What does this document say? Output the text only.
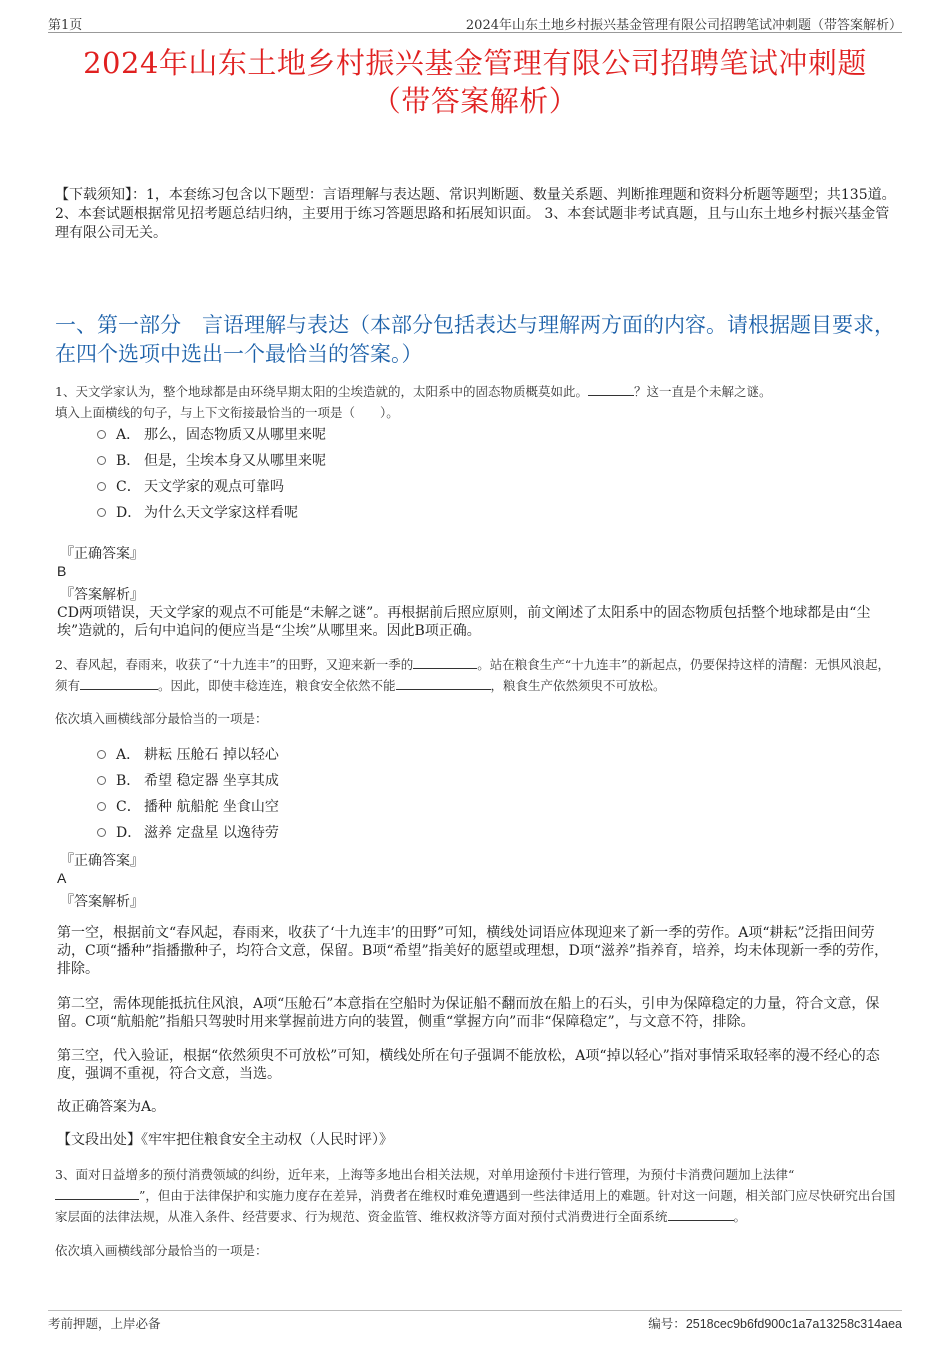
第1页	2024年山东土地乡村振兴基金管理有限公司招聘笔试冲刺题（带答案解析）
2024年山东土地乡村振兴基金管理有限公司招聘笔试冲刺题
（带答案解析）
【下载须知】：1，本套练习包含以下题型：言语理解与表达题、常识判断题、数量关系题、判断推理题和资料分析题等题型；共135道。 2、本套试题根据常见招考题总结归纳，主要用于练习答题思路和拓展知识面。 3、本套试题非考试真题，且与山东土地乡村振兴基金管理有限公司无关。
一、第一部分　言语理解与表达（本部分包括表达与理解两方面的内容。请根据题目要求，在四个选项中选出一个最恰当的答案。）
1、天文学家认为，整个地球都是由环绕早期太阳的尘埃造就的，太阳系中的固态物质概莫如此。	？这一直是个未解之谜。
填入上面横线的句子，与上下文衔接最恰当的一项是（　　）。
A． 那么，固态物质又从哪里来呢
B． 但是，尘埃本身又从哪里来呢
C． 天文学家的观点可靠吗
D． 为什么天文学家这样看呢
『正确答案』
B
『答案解析』
CD两项错误，天文学家的观点不可能是“未解之谜”。再根据前后照应原则，前文阐述了太阳系中的固态物质包括整个地球都是由“尘埃”造就的，后句中追问的便应当是“尘埃”从哪里来。因此B项正确。
2、春风起，春雨来，收获了“十九连丰”的田野，又迎来新一季的	。站在粮食生产“十九连丰”的新起点，仍要保持这样的清醒：无惧风浪起，须有	。因此，即使丰稔连连，粮食安全依然不能	，粮食生产依然须臾不可放松。
依次填入画横线部分最恰当的一项是：
A． 耕耘 压舱石 掉以轻心
B． 希望 稳定器 坐享其成
C． 播种 航船舵 坐食山空
D． 滋养 定盘星 以逸待劳
『正确答案』
A
『答案解析』
第一空，根据前文“春风起，春雨来，收获了‘十九连丰’的田野”可知，横线处词语应体现迎来了新一季的劳作。A项“耕耘”泛指田间劳动，C项“播种”指播撒种子，均符合文意，保留。B项“希望”指美好的愿望或理想，D项“滋养”指养育，培养，均未体现新一季的劳作，排除。
第二空，需体现能抵抗住风浪，A项“压舱石”本意指在空船时为保证船不翻而放在船上的石头，引申为保障稳定的力量，符合文意，保留。C项“航船舵”指船只驾驶时用来掌握前进方向的装置，侧重“掌握方向”而非“保障稳定”，与文意不符，排除。
第三空，代入验证，根据“依然须臾不可放松”可知，横线处所在句子强调不能放松，A项“掉以轻心”指对事情采取轻率的漫不经心的态度，强调不重视，符合文意，当选。
故正确答案为A。
【文段出处】《牢牢把住粮食安全主动权（人民时评）》
3、面对日益增多的预付消费领域的纠纷，近年来，上海等多地出台相关法规，对单用途预付卡进行管理，为预付卡消费问题加上法律“
”，但由于法律保护和实施力度存在差异，消费者在维权时难免遭遇到一些法律适用上的难题。针对这一问题，相关部门应尽快研究出台国家层面的法律法规，从准入条件、经营要求、行为规范、资金监管、维权救济等方面对预付式消费进行全面系统	。
依次填入画横线部分最恰当的一项是：
考前押题，上岸必备	编号：2518cec9b6fd900c1a7a13258c314aea
